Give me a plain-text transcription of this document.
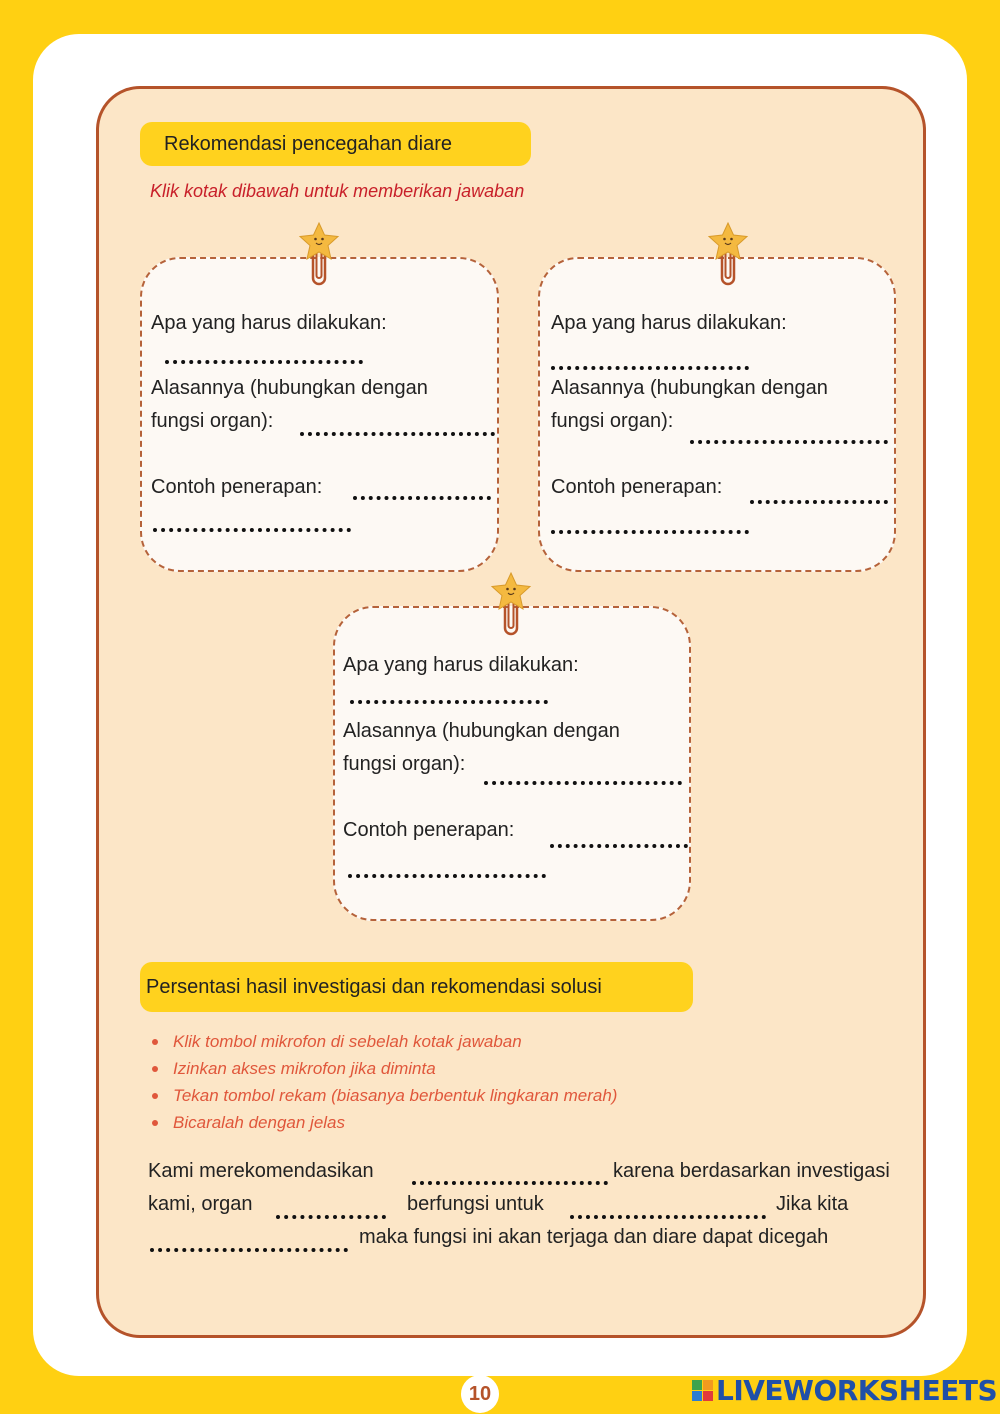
Rekomendasi pencegahan diare
Klik kotak dibawah untuk memberikan jawaban
Apa yang harus dilakukan:
Alasannya (hubungkan dengan
fungsi organ):
Contoh penerapan:
Apa yang harus dilakukan:
Alasannya (hubungkan dengan
fungsi organ):
Contoh penerapan:
Apa yang harus dilakukan:
Alasannya (hubungkan dengan
fungsi organ):
Contoh penerapan:
Persentasi hasil investigasi dan rekomendasi solusi
Klik tombol mikrofon di sebelah kotak jawaban
Izinkan akses mikrofon jika diminta
Tekan tombol rekam (biasanya berbentuk lingkaran merah)
Bicaralah dengan jelas
Kami merekomendasikan	karena berdasarkan investigasi
kami, organ	berfungsi untuk	Jika kita
maka fungsi ini akan terjaga dan diare dapat dicegah
10	LIVEWORKSHEETS
